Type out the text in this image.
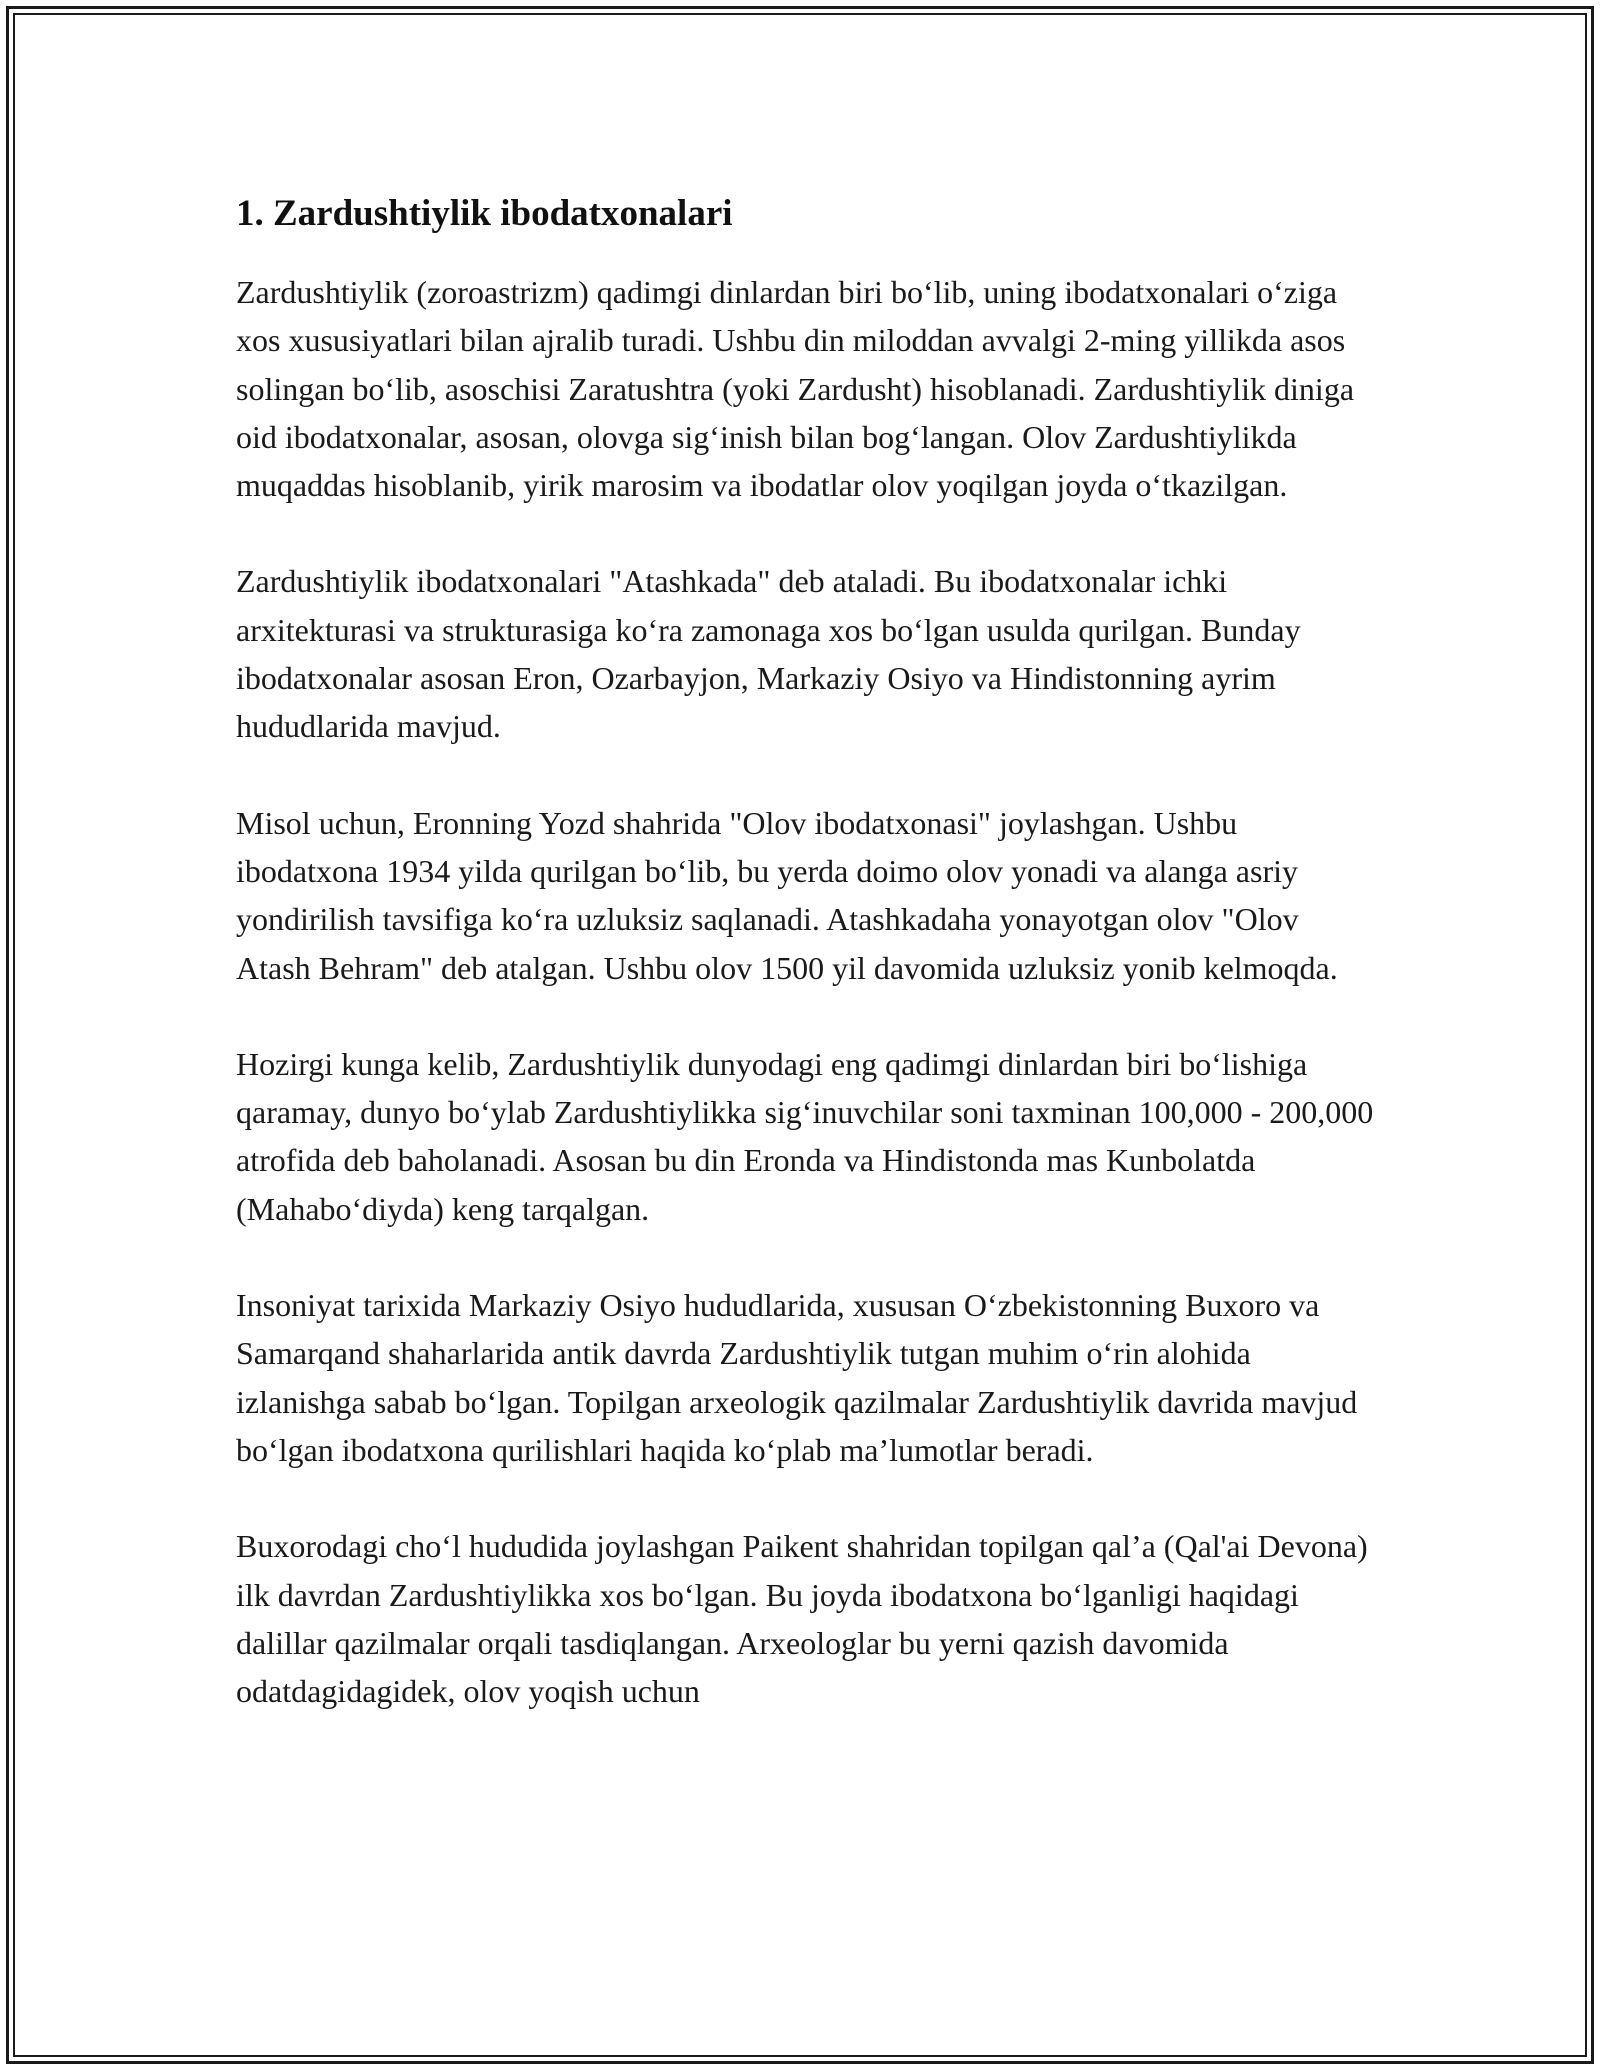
1. Zardushtiylik ibodatxonalari

Zardushtiylik (zoroastrizm) qadimgi dinlardan biri bo‘lib, uning ibodatxonalari o‘ziga xos xususiyatlari bilan ajralib turadi. Ushbu din miloddan avvalgi 2-ming yillikda asos solingan bo‘lib, asoschisi Zaratushtra (yoki Zardusht) hisoblanadi. Zardushtiylik diniga oid ibodatxonalar, asosan, olovga sig‘inish bilan bog‘langan. Olov Zardushtiylikda muqaddas hisoblanib, yirik marosim va ibodatlar olov yoqilgan joyda o‘tkazilgan.

Zardushtiylik ibodatxonalari "Atashkada" deb ataladi. Bu ibodatxonalar ichki arxitekturasi va strukturasiga ko‘ra zamonaga xos bo‘lgan usulda qurilgan. Bunday ibodatxonalar asosan Eron, Ozarbayjon, Markaziy Osiyo va Hindistonning ayrim hududlarida mavjud.

Misol uchun, Eronning Yozd shahrida "Olov ibodatxonasi" joylashgan. Ushbu ibodatxona 1934 yilda qurilgan bo‘lib, bu yerda doimo olov yonadi va alanga asriy yondirilish tavsifiga ko‘ra uzluksiz saqlanadi. Atashkadaha yonayotgan olov "Olov Atash Behram" deb atalgan. Ushbu olov 1500 yil davomida uzluksiz yonib kelmoqda.

Hozirgi kunga kelib, Zardushtiylik dunyodagi eng qadimgi dinlardan biri bo‘lishiga qaramay, dunyo bo‘ylab Zardushtiylikka sig‘inuvchilar soni taxminan 100,000 - 200,000 atrofida deb baholanadi. Asosan bu din Eronda va Hindistonda mas Kunbolatda (Mahabo‘diyda) keng tarqalgan.

Insoniyat tarixida Markaziy Osiyo hududlarida, xususan O‘zbekistonning Buxoro va Samarqand shaharlarida antik davrda Zardushtiylik tutgan muhim o‘rin alohida izlanishga sabab bo‘lgan. Topilgan arxeologik qazilmalar Zardushtiylik davrida mavjud bo‘lgan ibodatxona qurilishlari haqida ko‘plab ma’lumotlar beradi.

Buxorodagi cho‘l hududida joylashgan Paikent shahridan topilgan qal’a (Qal'ai Devona) ilk davrdan Zardushtiylikka xos bo‘lgan. Bu joyda ibodatxona bo‘lganligi haqidagi dalillar qazilmalar orqali tasdiqlangan. Arxeologlar bu yerni qazish davomida odatdagidagidek, olov yoqish uchun
